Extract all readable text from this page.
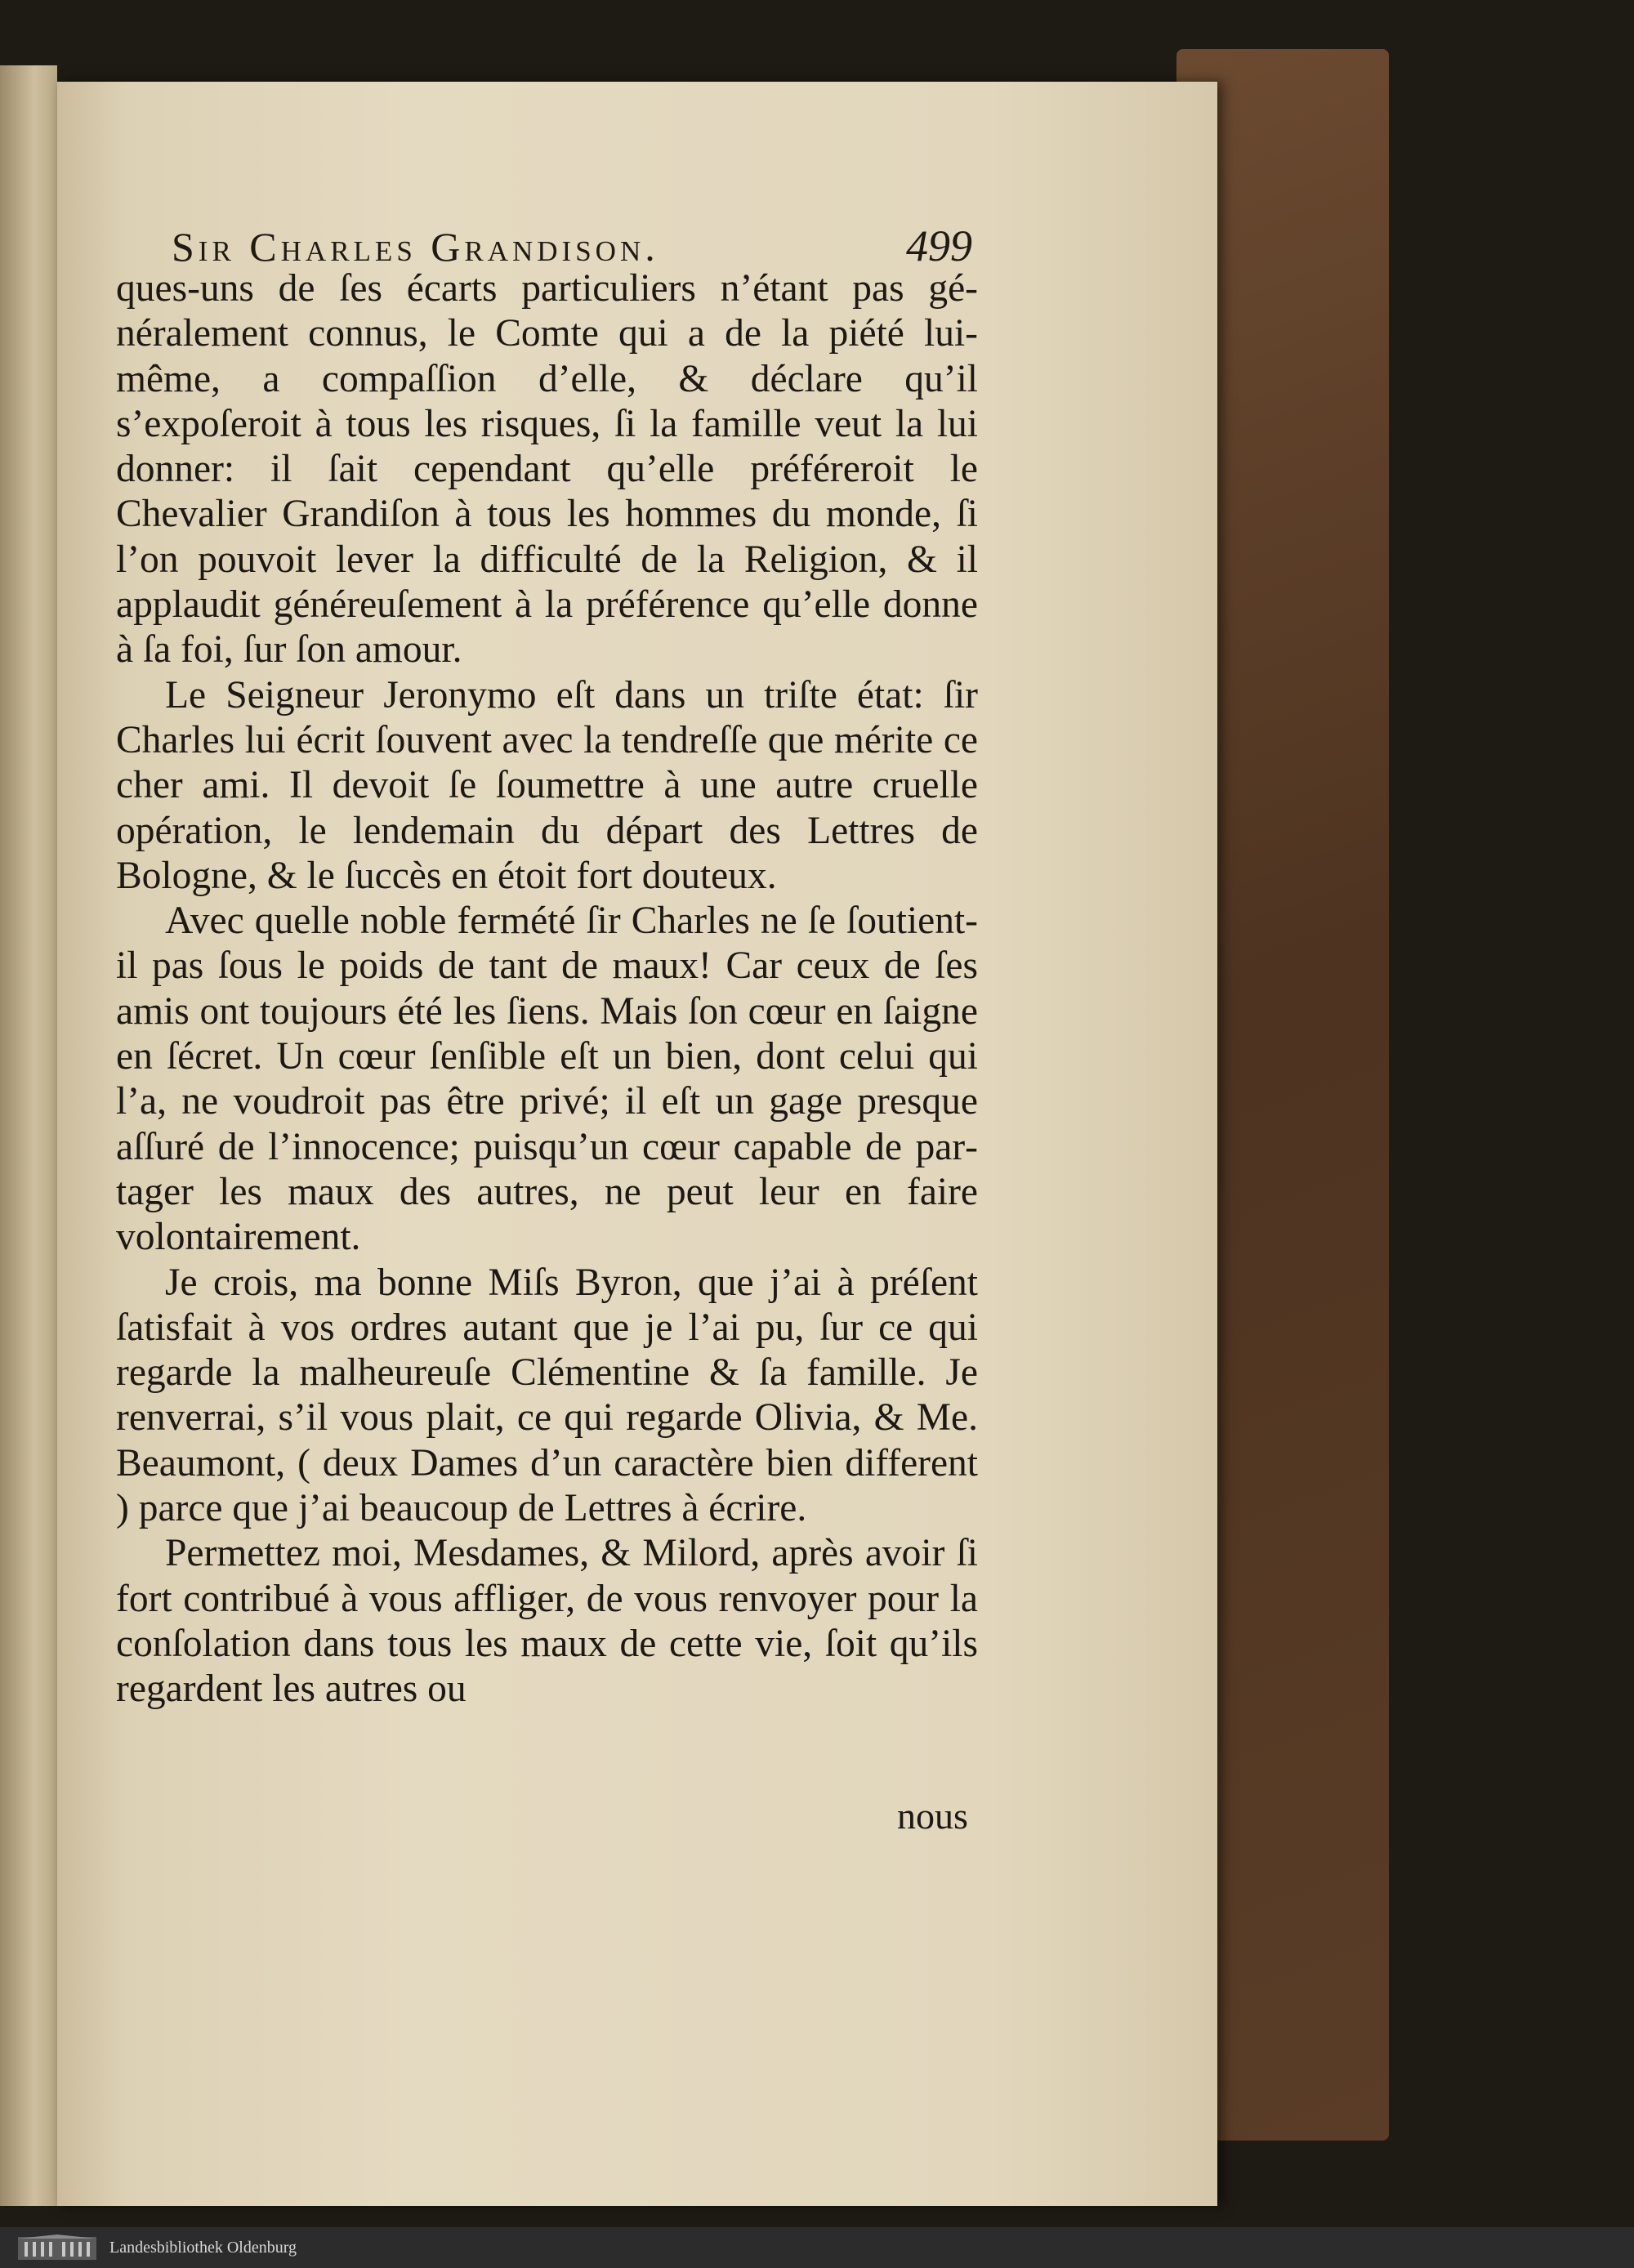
Sir Charles Grandison.	499

ques-uns de ſes écarts particuliers n’étant pas généralement connus, le Comte qui a de la piété lui-même, a compaſſion d’elle, & déclare qu’il s’expoſeroit à tous les risques, ſi la famille veut la lui donner: il ſait cependant qu’elle préféreroit le Chevalier Grandiſon à tous les hommes du monde, ſi l’on pouvoit lever la difficulté de la Religion, & il applaudit généreuſement à la préférence qu’elle donne à ſa foi, ſur ſon amour.

Le Seigneur Jeronymo eſt dans un triſte état: ſir Charles lui écrit ſouvent avec la tendreſſe que mérite ce cher ami. Il devoit ſe ſoumettre à une autre cruelle opération, le lendemain du départ des Lettres de Bologne, & le ſuccès en étoit fort douteux.

Avec quelle noble fermété ſir Charles ne ſe ſoutient-il pas ſous le poids de tant de maux! Car ceux de ſes amis ont toujours été les ſiens. Mais ſon cœur en ſaigne en ſécret. Un cœur ſenſible eſt un bien, dont celui qui l’a, ne voudroit pas être privé; il eſt un gage presque aſſuré de l’innocence; puisqu’un cœur capable de partager les maux des autres, ne peut leur en faire volontairement.

Je crois, ma bonne Miſs Byron, que j’ai à préſent ſatisfait à vos ordres autant que je l’ai pu, ſur ce qui regarde la malheureuſe Clémentine & ſa famille. Je renverrai, s’il vous plait, ce qui regarde Olivia, & Me. Beaumont, ( deux Dames d’un caractère bien different ) parce que j’ai beaucoup de Lettres à écrire.

Permettez moi, Mesdames, & Milord, après avoir ſi fort contribué à vous affliger, de vous renvoyer pour la conſolation dans tous les maux de cette vie, ſoit qu’ils regardent les autres ou

nous
Landesbibliothek Oldenburg
